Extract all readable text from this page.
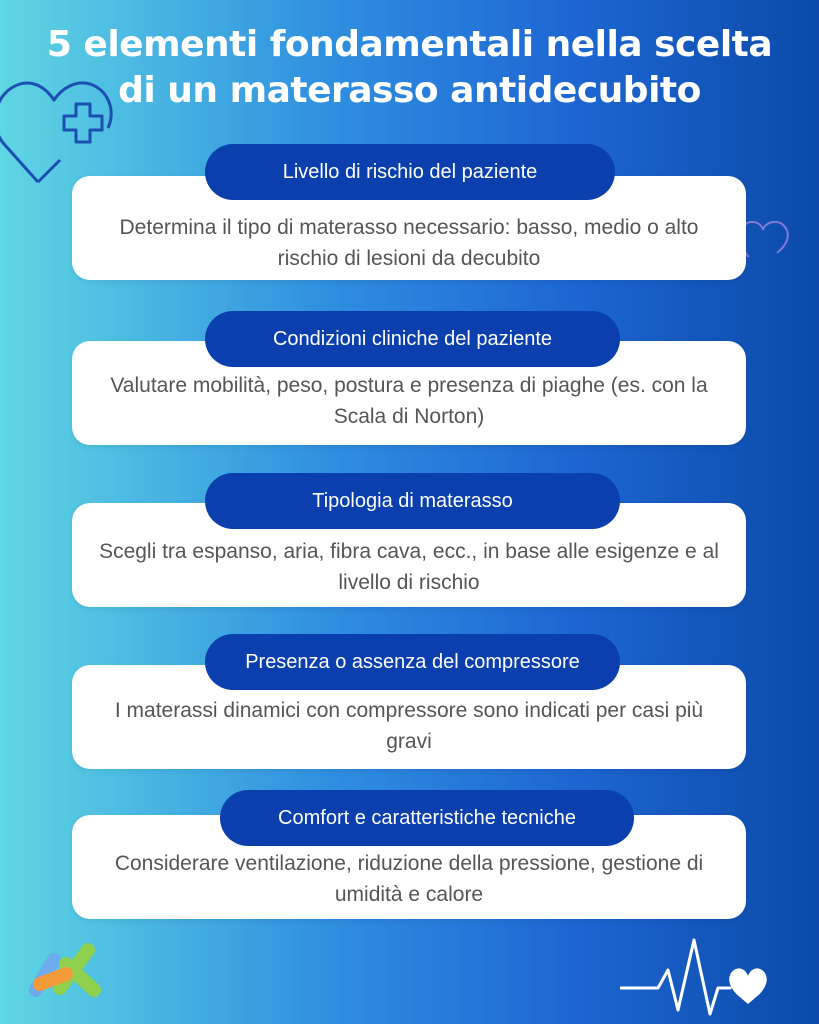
5 elementi fondamentali nella scelta
di un materasso antidecubito
Determina il tipo di materasso necessario: basso, medio o alto rischio di lesioni da decubito
Livello di rischio del paziente
Valutare mobilità, peso, postura e presenza di piaghe (es. con la Scala di Norton)
Condizioni cliniche del paziente
Scegli tra espanso, aria, fibra cava, ecc., in base alle esigenze e al livello di rischio
Tipologia di materasso
I materassi dinamici con compressore sono indicati per casi più gravi
Presenza o assenza del compressore
Considerare ventilazione, riduzione della pressione, gestione di umidità e calore
Comfort e caratteristiche tecniche
